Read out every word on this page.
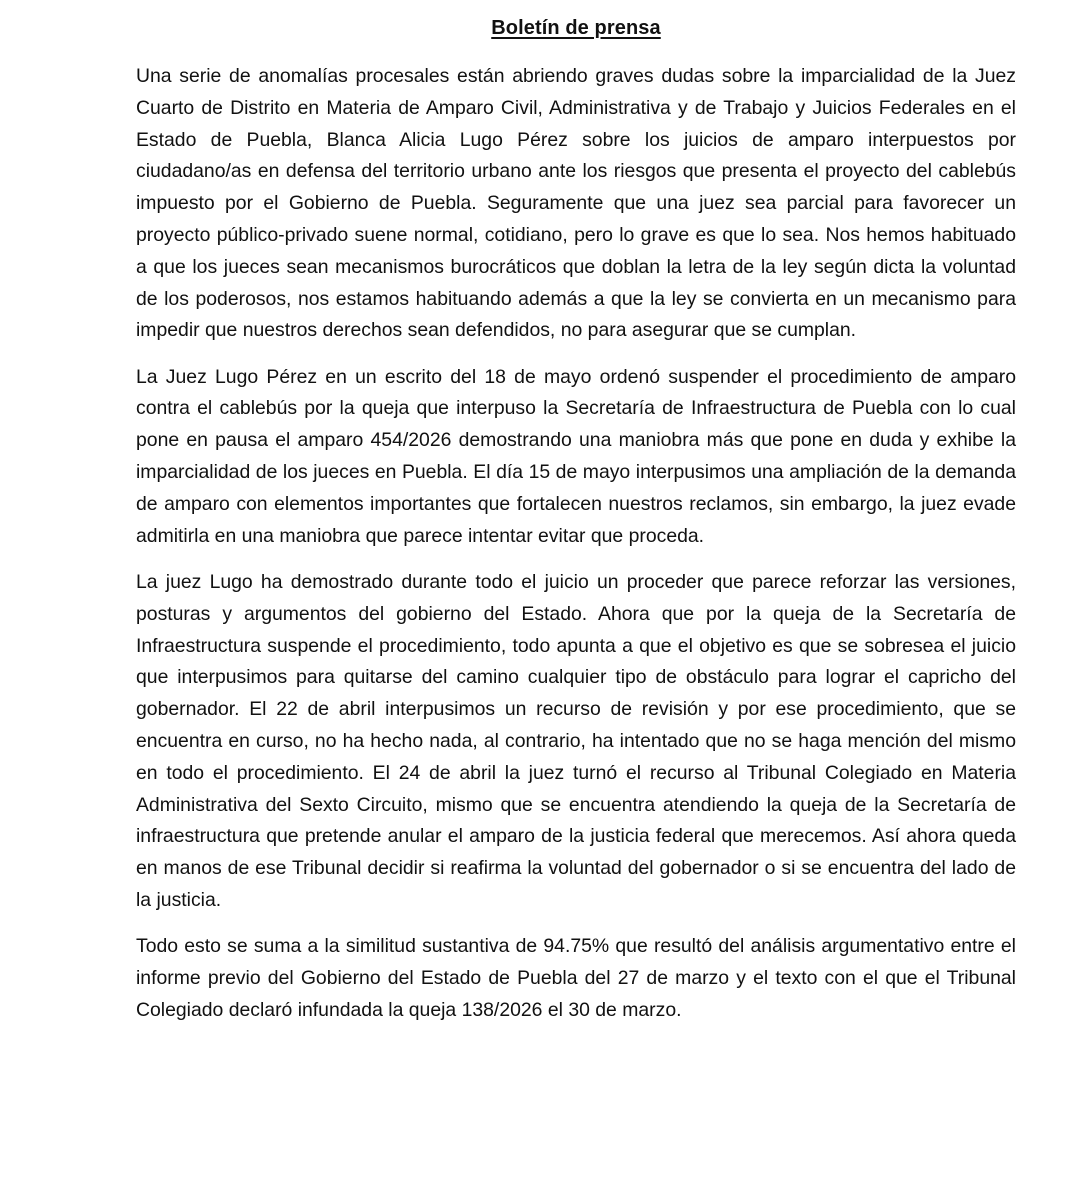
Boletín de prensa

Una serie de anomalías procesales están abriendo graves dudas sobre la imparcialidad de la Juez Cuarto de Distrito en Materia de Amparo Civil, Administrativa y de Trabajo y Juicios Federales en el Estado de Puebla, Blanca Alicia Lugo Pérez sobre los juicios de amparo interpuestos por ciudadano/as en defensa del territorio urbano ante los riesgos que presenta el proyecto del cablebús impuesto por el Gobierno de Puebla. Seguramente que una juez sea parcial para favorecer un proyecto público-privado suene normal, cotidiano, pero lo grave es que lo sea. Nos hemos habituado a que los jueces sean mecanismos burocráticos que doblan la letra de la ley según dicta la voluntad de los poderosos, nos estamos habituando además a que la ley se convierta en un mecanismo para impedir que nuestros derechos sean defendidos, no para asegurar que se cumplan.

La Juez Lugo Pérez en un escrito del 18 de mayo ordenó suspender el procedimiento de amparo contra el cablebús por la queja que interpuso la Secretaría de Infraestructura de Puebla con lo cual pone en pausa el amparo 454/2026 demostrando una maniobra más que pone en duda y exhibe la imparcialidad de los jueces en Puebla. El día 15 de mayo interpusimos una ampliación de la demanda de amparo con elementos importantes que fortalecen nuestros reclamos, sin embargo, la juez evade admitirla en una maniobra que parece intentar evitar que proceda.

La juez Lugo ha demostrado durante todo el juicio un proceder que parece reforzar las versiones, posturas y argumentos del gobierno del Estado. Ahora que por la queja de la Secretaría de Infraestructura suspende el procedimiento, todo apunta a que el objetivo es que se sobresea el juicio que interpusimos para quitarse del camino cualquier tipo de obstáculo para lograr el capricho del gobernador. El 22 de abril interpusimos un recurso de revisión y por ese procedimiento, que se encuentra en curso, no ha hecho nada, al contrario, ha intentado que no se haga mención del mismo en todo el procedimiento. El 24 de abril la juez turnó el recurso al Tribunal Colegiado en Materia Administrativa del Sexto Circuito, mismo que se encuentra atendiendo la queja de la Secretaría de infraestructura que pretende anular el amparo de la justicia federal que merecemos. Así ahora queda en manos de ese Tribunal decidir si reafirma la voluntad del gobernador o si se encuentra del lado de la justicia.

Todo esto se suma a la similitud sustantiva de 94.75% que resultó del análisis argumentativo entre el informe previo del Gobierno del Estado de Puebla del 27 de marzo y el texto con el que el Tribunal Colegiado declaró infundada la queja 138/2026 el 30 de marzo.
